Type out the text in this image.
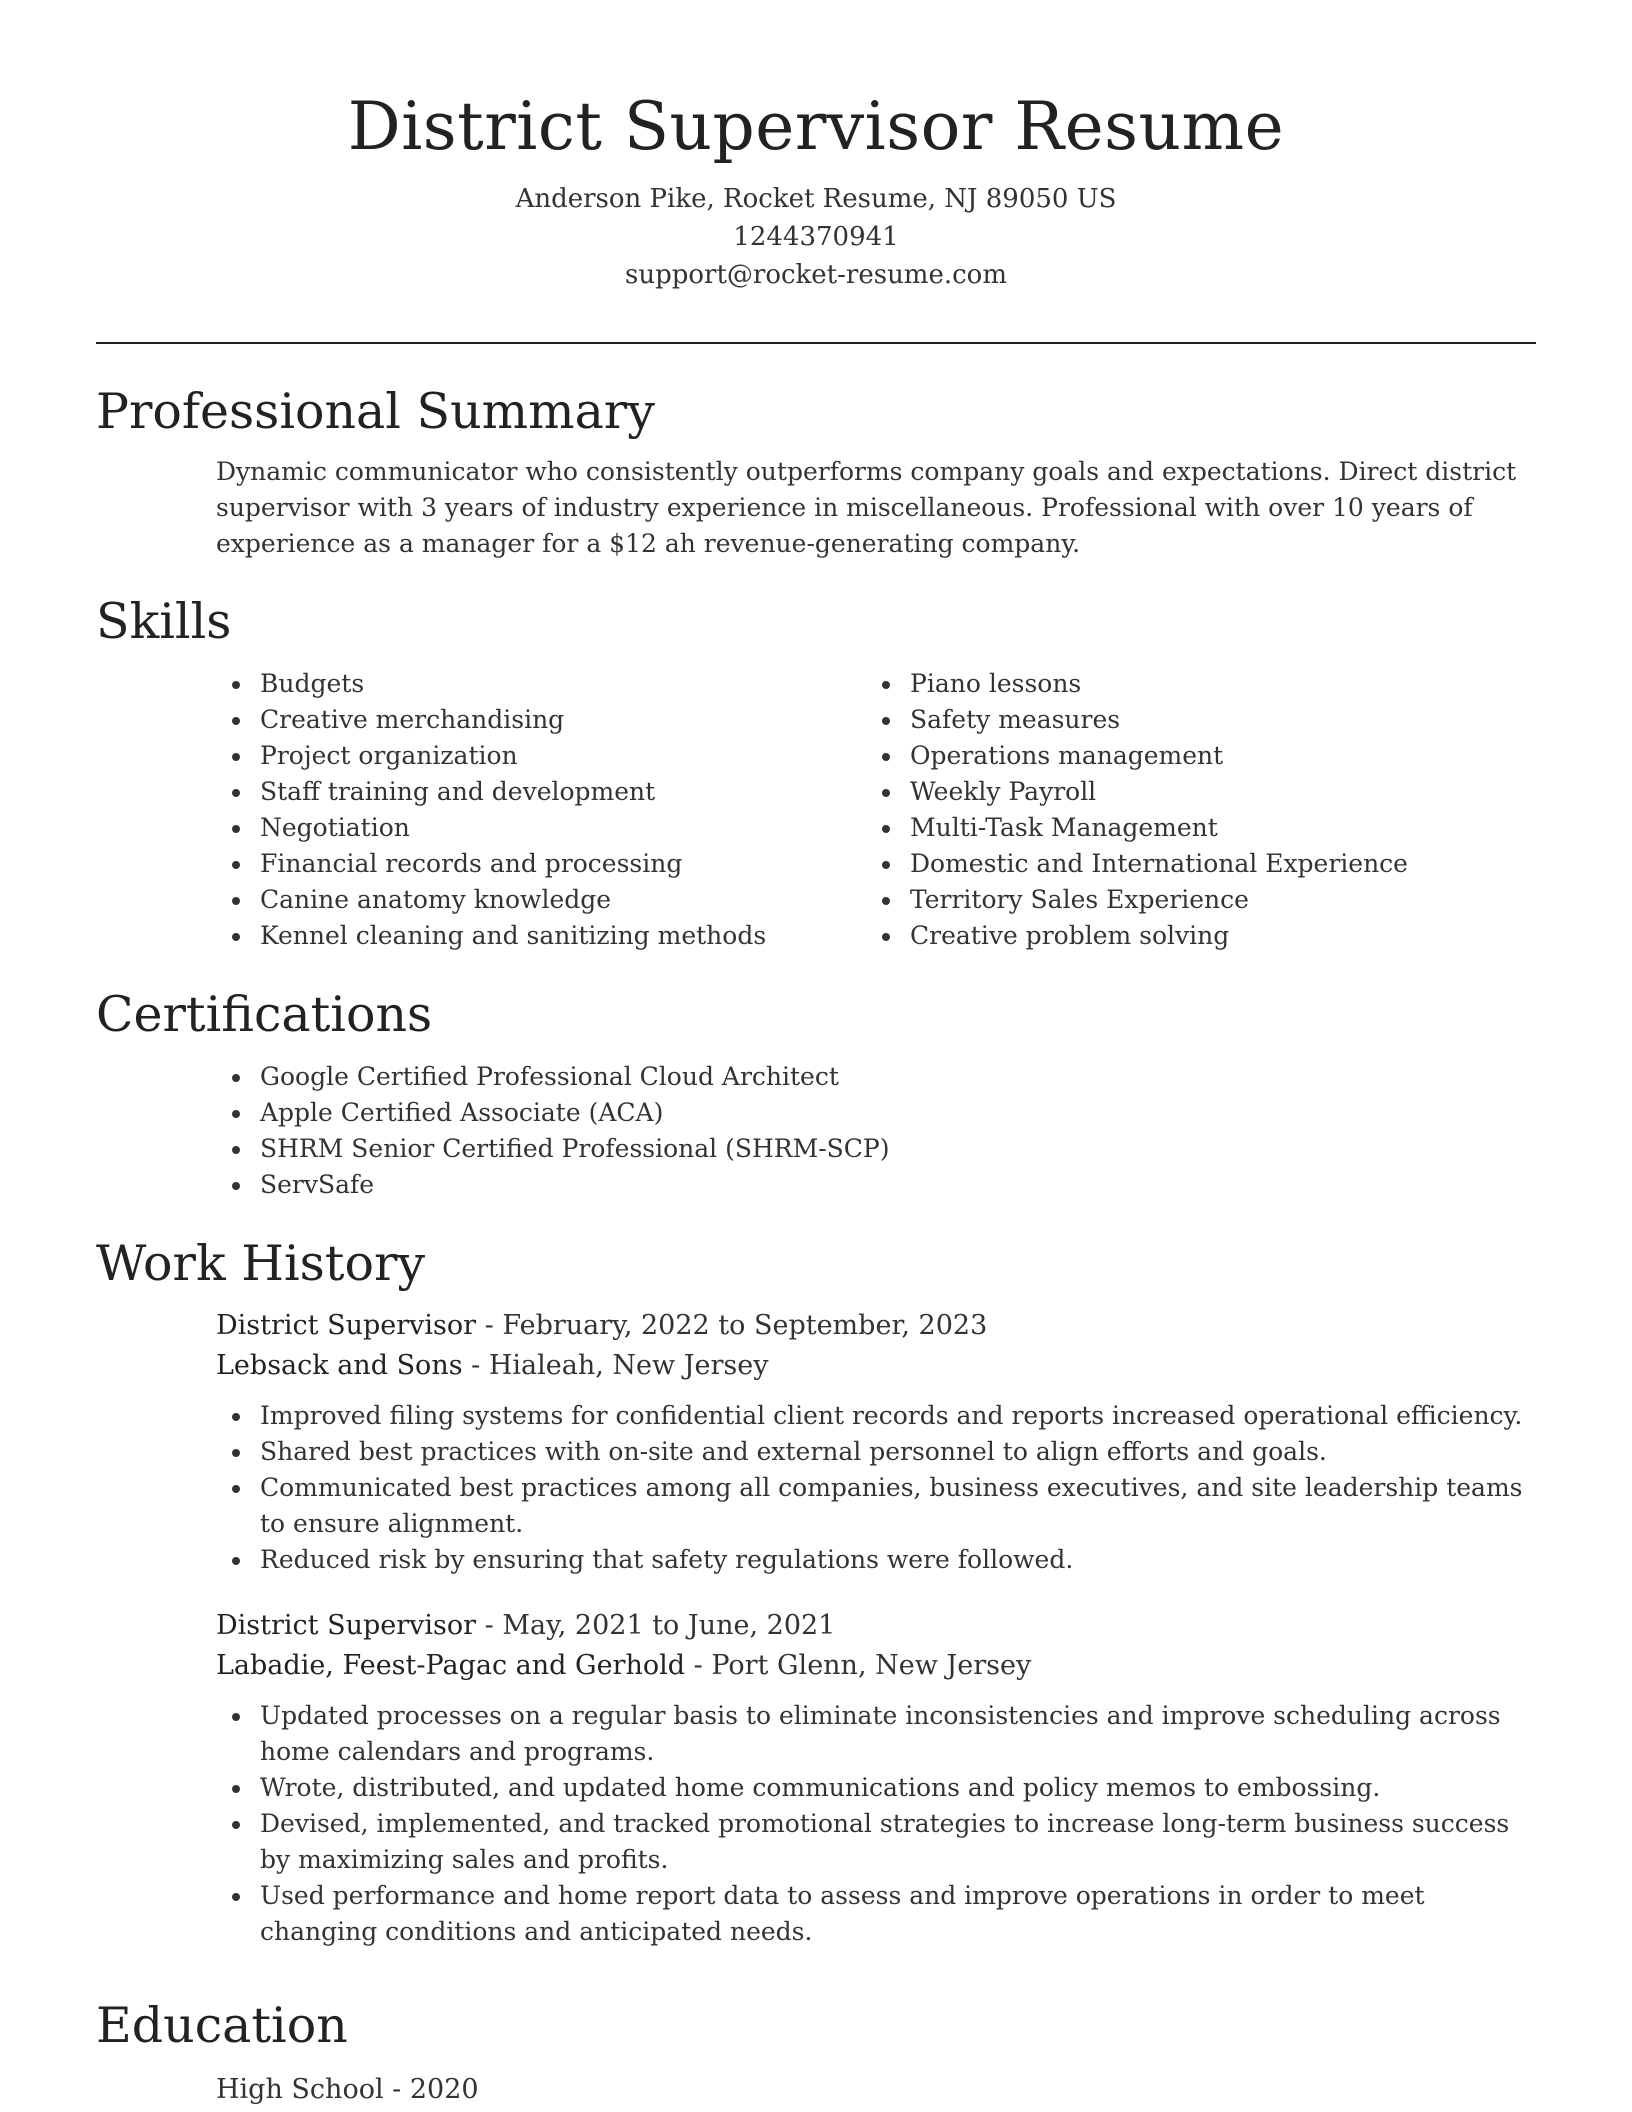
District Supervisor Resume
Anderson Pike, Rocket Resume, NJ 89050 US
1244370941
support@rocket-resume.com
Professional Summary
Dynamic communicator who consistently outperforms company goals and expectations. Direct district supervisor with 3 years of industry experience in miscellaneous. Professional with over 10 years of experience as a manager for a $12 ah revenue-generating company.
Skills
Budgets
Creative merchandising
Project organization
Staff training and development
Negotiation
Financial records and processing
Canine anatomy knowledge
Kennel cleaning and sanitizing methods
Piano lessons
Safety measures
Operations management
Weekly Payroll
Multi-Task Management
Domestic and International Experience
Territory Sales Experience
Creative problem solving
Certifications
Google Certified Professional Cloud Architect
Apple Certified Associate (ACA)
SHRM Senior Certified Professional (SHRM-SCP)
ServSafe
Work History
District Supervisor - February, 2022 to September, 2023
Lebsack and Sons - Hialeah, New Jersey
Improved filing systems for confidential client records and reports increased operational efficiency.
Shared best practices with on-site and external personnel to align efforts and goals.
Communicated best practices among all companies, business executives, and site leadership teams to ensure alignment.
Reduced risk by ensuring that safety regulations were followed.
District Supervisor - May, 2021 to June, 2021
Labadie, Feest-Pagac and Gerhold - Port Glenn, New Jersey
Updated processes on a regular basis to eliminate inconsistencies and improve scheduling across home calendars and programs.
Wrote, distributed, and updated home communications and policy memos to embossing.
Devised, implemented, and tracked promotional strategies to increase long-term business success by maximizing sales and profits.
Used performance and home report data to assess and improve operations in order to meet changing conditions and anticipated needs.
Education
High School - 2020
